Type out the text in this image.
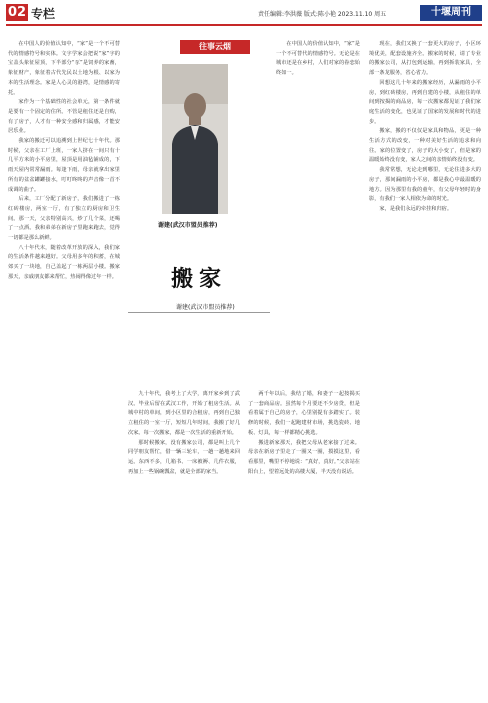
02 专栏	责任编辑:李洪薇 版式:陈小艳 2023.11.10 周五	十堰周刊

在中国人的价值认知中，“家”是一个不可替代的情感符号和实体。文字学家会把说“家”字的宝盖头象征屋顶，下半部分“豕”是饲养的家畜，象征财产，象征着古代先民以土地为根、以家为本的生活理念。家是人心灵的港湾，是情感的寄托。

家作为一个基础性的社会单元，第一条件就是要有一个固定的住所。不管是租住还是自购，有了房子，人才有一种安全感和归属感，才能安居乐业。

我家的搬迁可以追溯到上世纪七十年代。那时候，父亲在工厂上班，一家人挤在一间只有十几平方米的小平房里，屋顶是用油毡铺成的，下雨天屋内常常漏雨。每逢下雨，母亲就拿出家里所有的盆盆罐罐接水，叮叮咚咚的声音像一首不成调的曲子。

后来，工厂分配了新房子，我们搬进了一栋红砖楼房，两室一厅，有了独立的厨房和卫生间。那一天，父亲特别高兴，炒了几个菜，还喝了一点酒。我和弟弟在新房子里跑来跑去，觉得一切都是那么新鲜。

八十年代末，随着改革开放的深入，我们家的生活条件越来越好。父母用多年的积蓄，在城郊买了一块地，自己盖起了一栋两层小楼。搬家那天，亲戚朋友都来帮忙，热闹得像过年一样。

往事云烟
谢建(武汉市盟员推荐)
搬家
谢建(武汉市盟员推荐)

在中国人的价值认知中，“家”是一个不可替代的情感符号。无论是在城市还是在乡村，人们对家的眷恋始终如一。

九十年代，我考上了大学，离开家乡到了武汉。毕业后留在武汉工作，开始了租房生活。从城中村的单间，到小区里的合租房，再到自己独立租住的一室一厅，短短几年时间，我搬了好几次家。每一次搬家，都是一次生活的重新开始。

那时候搬家，没有搬家公司，都是叫上几个同学朋友帮忙，借一辆三轮车，一趟一趟地来回运。东西不多，几箱书、一床被褥、几件衣服，再加上一些锅碗瓢盆，就是全部的家当。

两千年以后，我结了婚，和妻子一起按揭买了一套商品房。虽然每个月要还不少房贷，但是看着属于自己的房子，心里别提有多踏实了。装修的时候，我们一起跑建材市场，挑选瓷砖、地板、灯具，每一样都精心挑选。

搬进新家那天，我把父母从老家接了过来。母亲在新房子里走了一圈又一圈，摸摸这里，看看那里，嘴里不停地说：“真好，真好。”父亲站在阳台上，望着远处的高楼大厦，半天没有说话。

现在，我们又换了一套更大的房子，小区环境优美，配套设施齐全。搬家的时候，请了专业的搬家公司，从打包到运输，再到拆装家具，全部一条龙服务，省心省力。

回想这几十年来的搬家经历，从漏雨的小平房，到红砖楼房，再到自建的小楼，从租住的单间到按揭的商品房，每一次搬家都见证了我们家庭生活的变化，也见证了国家的发展和时代的进步。

搬家，搬的不仅仅是家具和物品，更是一种生活方式的改变，一种对美好生活的追求和向往。家的位置变了，房子的大小变了，但是家的温暖始终没有变，家人之间的亲情始终没有变。

我常常想，无论走到哪里，无论住进多大的房子，那间漏雨的小平房，都是我心中最温暖的地方。因为那里有我的童年，有父母年轻时的身影，有我们一家人相依为命的时光。

家，是我们永远的牵挂和归宿。
